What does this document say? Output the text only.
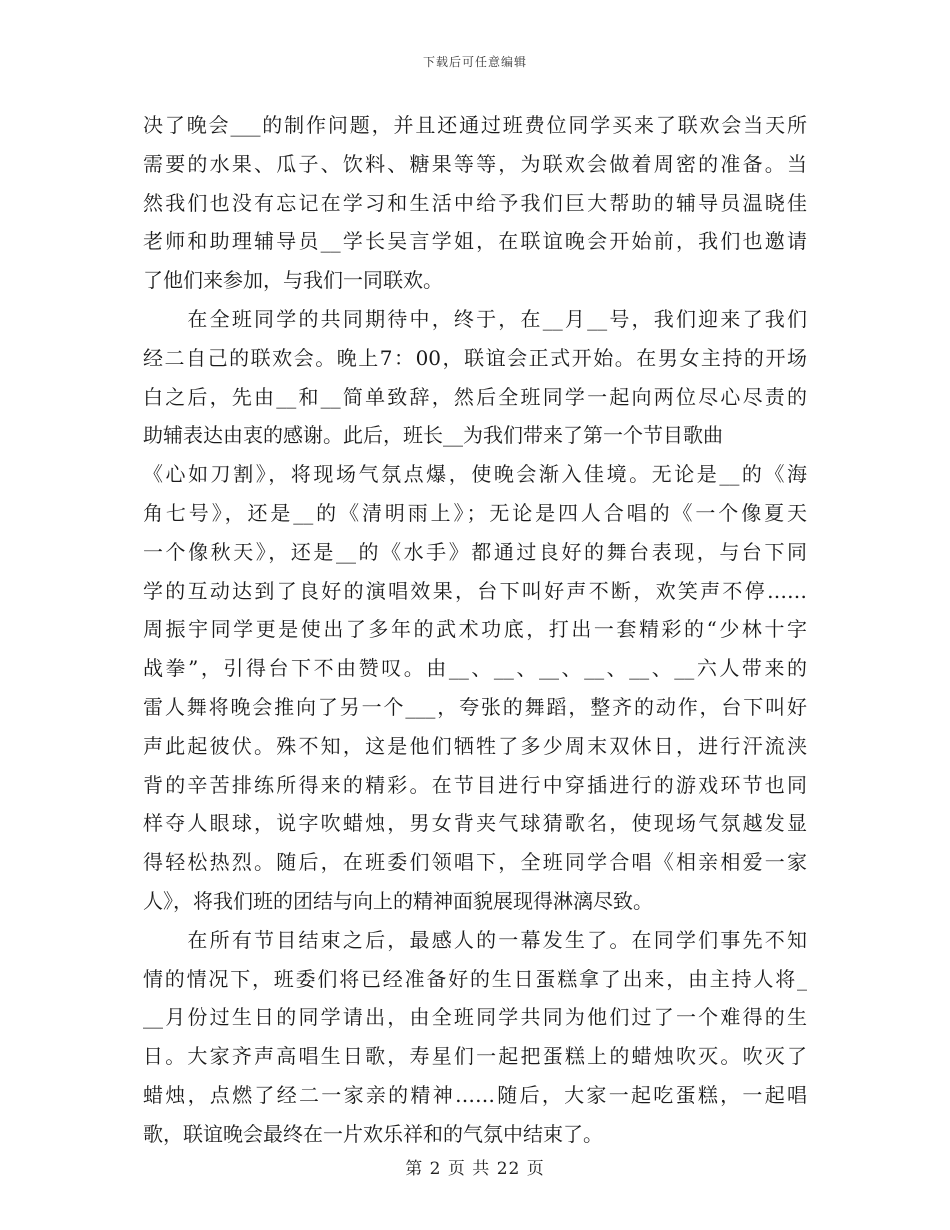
下载后可任意编辑
决了晚会___的制作问题，并且还通过班费位同学买来了联欢会当天所
需要的水果、瓜子、饮料、糖果等等，为联欢会做着周密的准备。当
然我们也没有忘记在学习和生活中给予我们巨大帮助的辅导员温晓佳
老师和助理辅导员__学长吴言学姐，在联谊晚会开始前，我们也邀请
了他们来参加，与我们一同联欢。
　　在全班同学的共同期待中，终于，在__月__号，我们迎来了我们
经二自己的联欢会。晚上7：00，联谊会正式开始。在男女主持的开场
白之后，先由__和__简单致辞，然后全班同学一起向两位尽心尽责的
助辅表达由衷的感谢。此后，班长__为我们带来了第一个节目歌曲
《心如刀割》，将现场气氛点爆，使晚会渐入佳境。无论是__的《海
角七号》，还是__的《清明雨上》；无论是四人合唱的《一个像夏天
一个像秋天》，还是__的《水手》都通过良好的舞台表现，与台下同
学的互动达到了良好的演唱效果，台下叫好声不断，欢笑声不停……
周振宇同学更是使出了多年的武术功底，打出一套精彩的“少林十字
战拳”，引得台下不由赞叹。由__、__、__、__、__、__六人带来的
雷人舞将晚会推向了另一个___，夸张的舞蹈，整齐的动作，台下叫好
声此起彼伏。殊不知，这是他们牺牲了多少周末双休日，进行汗流浃
背的辛苦排练所得来的精彩。在节目进行中穿插进行的游戏环节也同
样夺人眼球，说字吹蜡烛，男女背夹气球猜歌名，使现场气氛越发显
得轻松热烈。随后，在班委们领唱下，全班同学合唱《相亲相爱一家
人》，将我们班的团结与向上的精神面貌展现得淋漓尽致。
　　在所有节目结束之后，最感人的一幕发生了。在同学们事先不知
情的情况下，班委们将已经准备好的生日蛋糕拿了出来，由主持人将_
__月份过生日的同学请出，由全班同学共同为他们过了一个难得的生
日。大家齐声高唱生日歌，寿星们一起把蛋糕上的蜡烛吹灭。吹灭了
蜡烛，点燃了经二一家亲的精神……随后，大家一起吃蛋糕，一起唱
歌，联谊晚会最终在一片欢乐祥和的气氛中结束了。
第 2 页 共 22 页
